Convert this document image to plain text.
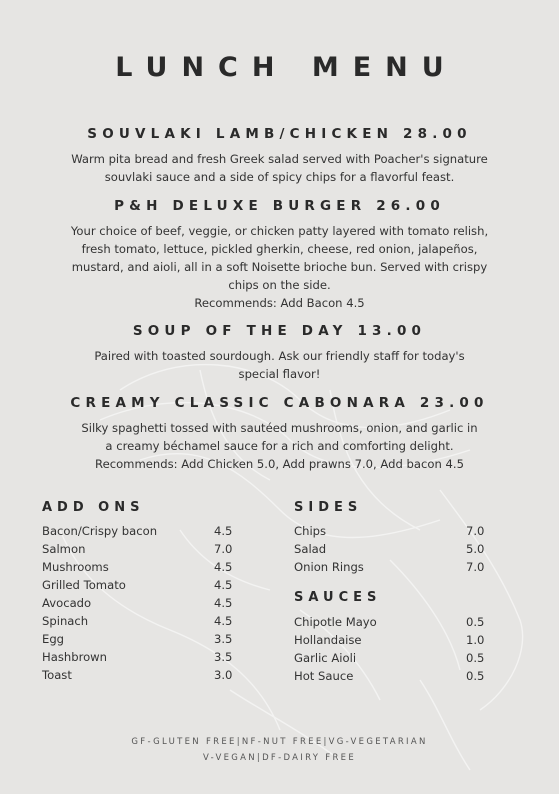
LUNCH MENU
SOUVLAKI LAMB/CHICKEN 28.00
Warm pita bread and fresh Greek salad served with Poacher's signature
souvlaki sauce and a side of spicy chips for a flavorful feast.
P&H DELUXE BURGER 26.00
Your choice of beef, veggie, or chicken patty layered with tomato relish,
fresh tomato, lettuce, pickled gherkin, cheese, red onion, jalapeños,
mustard, and aioli, all in a soft Noisette brioche bun. Served with crispy
chips on the side.
Recommends: Add Bacon 4.5
SOUP OF THE DAY 13.00
Paired with toasted sourdough. Ask our friendly staff for today's
special flavor!
CREAMY CLASSIC CABONARA 23.00
Silky spaghetti tossed with sautéed mushrooms, onion, and garlic in
a creamy béchamel sauce for a rich and comforting delight.
Recommends: Add Chicken 5.0, Add prawns 7.0, Add bacon 4.5
ADD ONS
Bacon/Crispy bacon	4.5
Salmon	7.0
Mushrooms	4.5
Grilled Tomato	4.5
Avocado	4.5
Spinach	4.5
Egg	3.5
Hashbrown	3.5
Toast	3.0
SIDES
Chips	7.0
Salad	5.0
Onion Rings	7.0
SAUCES
Chipotle Mayo	0.5
Hollandaise	1.0
Garlic Aioli	0.5
Hot Sauce	0.5
GF-GLUTEN FREE|NF-NUT FREE|VG-VEGETARIAN
V-VEGAN|DF-DAIRY FREE
